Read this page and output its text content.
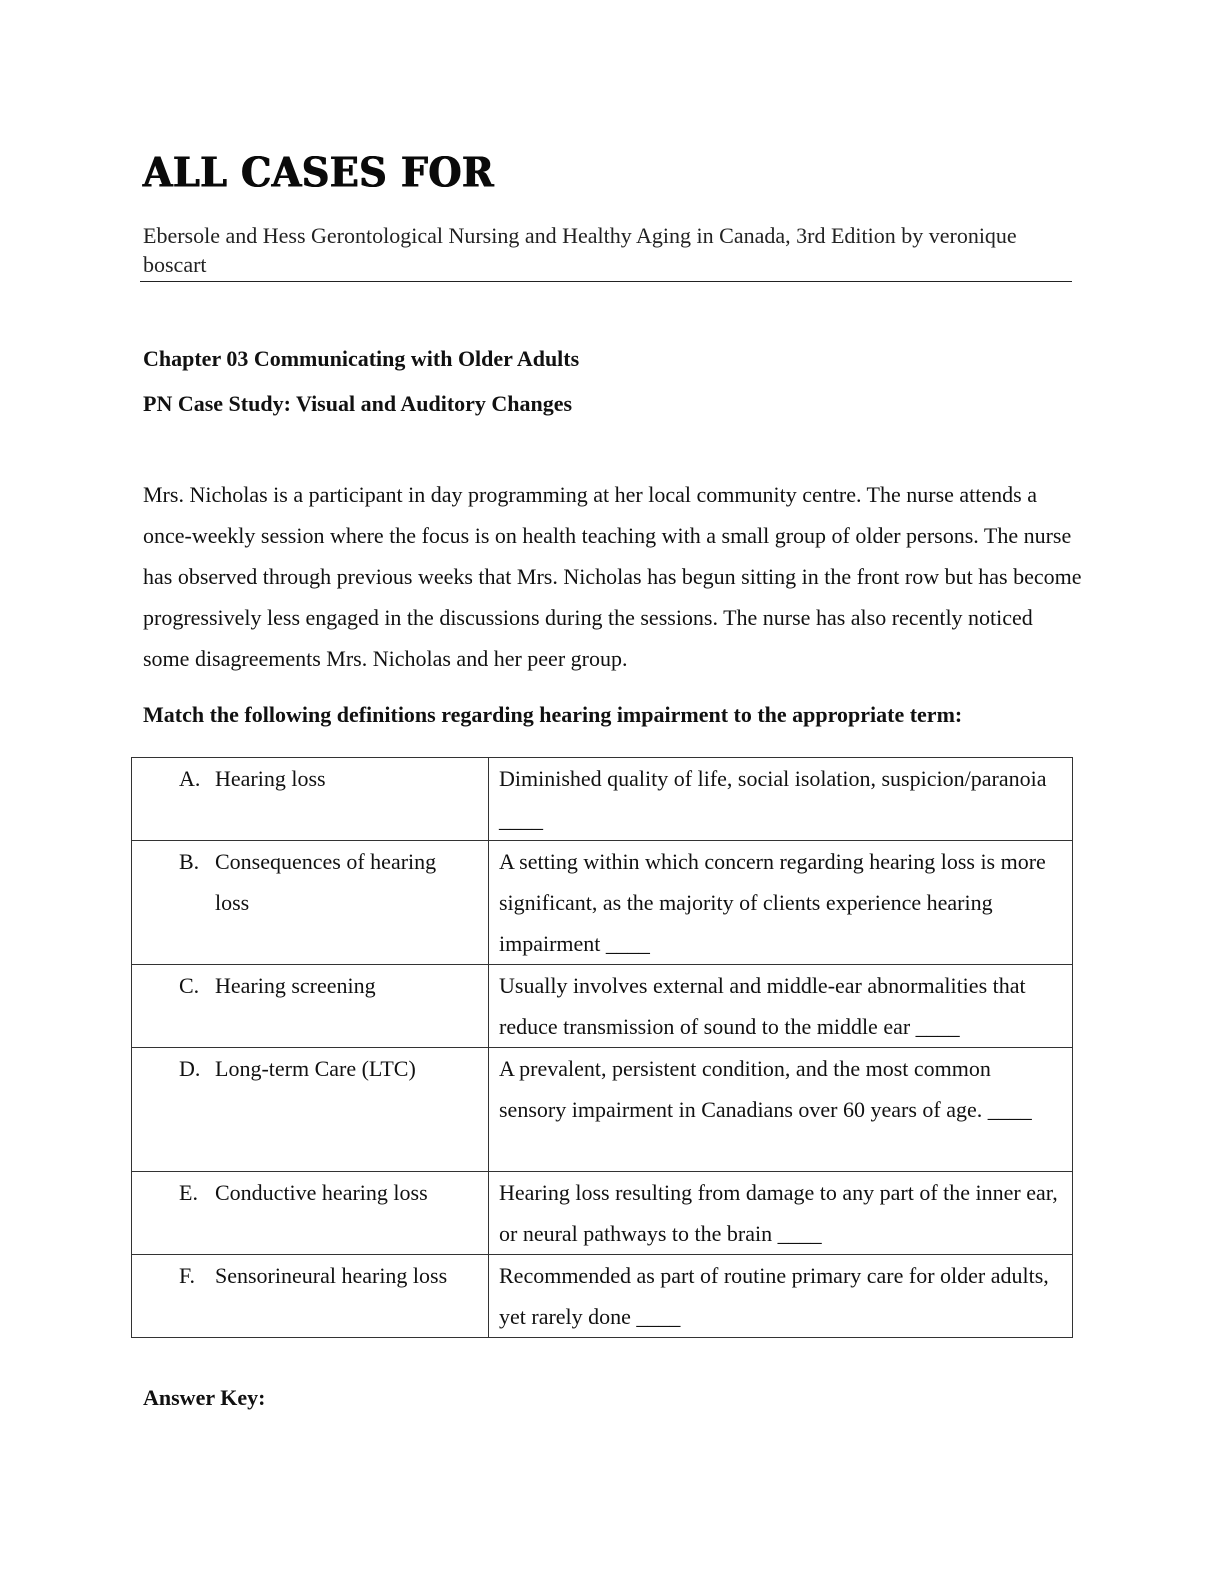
ALL CASES FOR
Ebersole and Hess Gerontological Nursing and Healthy Aging in Canada, 3rd Edition by veronique boscart
Chapter 03 Communicating with Older Adults
PN Case Study: Visual and Auditory Changes

Mrs. Nicholas is a participant in day programming at her local community centre. The nurse attends a once-weekly session where the focus is on health teaching with a small group of older persons. The nurse has observed through previous weeks that Mrs. Nicholas has begun sitting in the front row but has become progressively less engaged in the discussions during the sessions. The nurse has also recently noticed some disagreements Mrs. Nicholas and her peer group.

Match the following definitions regarding hearing impairment to the appropriate term:
A. Hearing loss	Diminished quality of life, social isolation, suspicion/paranoia ____

B. Consequences of hearing loss	A setting within which concern regarding hearing loss is more significant, as the majority of clients experience hearing impairment ____

C. Hearing screening	Usually involves external and middle-ear abnormalities that reduce transmission of sound to the middle ear ____

D. Long-term Care (LTC)	A prevalent, persistent condition, and the most common sensory impairment in Canadians over 60 years of age. ____

E. Conductive hearing loss	Hearing loss resulting from damage to any part of the inner ear, or neural pathways to the brain ____

F. Sensorineural hearing loss	Recommended as part of routine primary care for older adults, yet rarely done ____
Answer Key:
